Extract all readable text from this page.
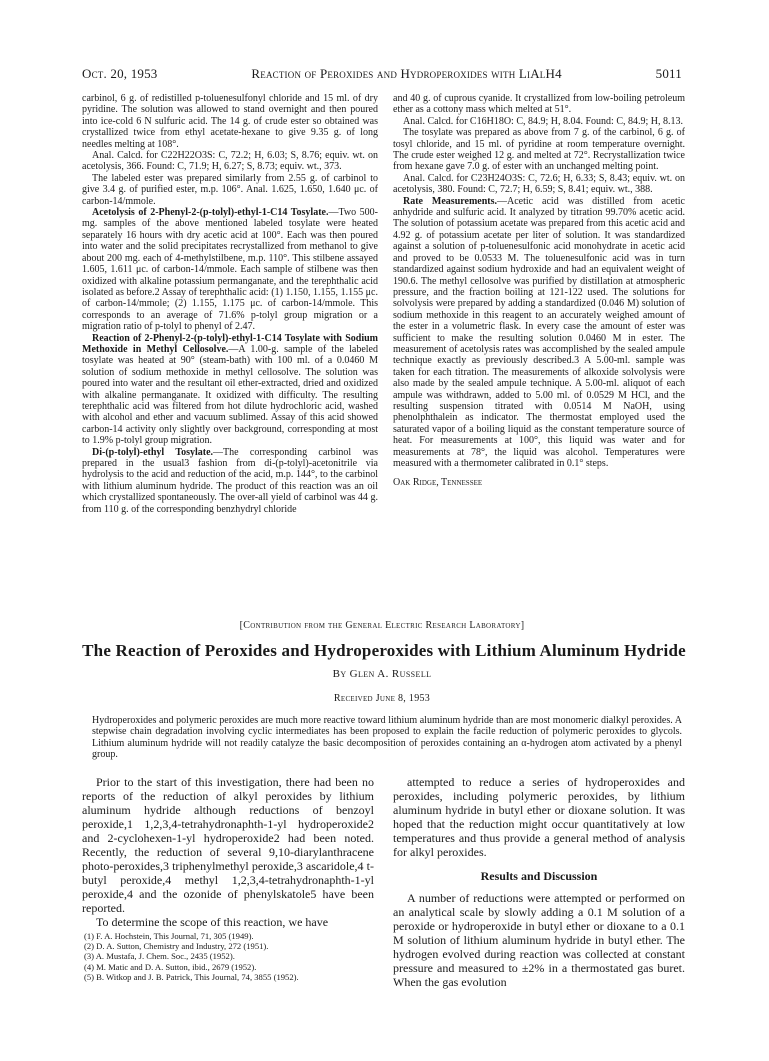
Oct. 20, 1953	Reaction of Peroxides and Hydroperoxides with LiAlH4	5011

carbinol, 6 g. of redistilled p-toluenesulfonyl chloride and 15 ml. of dry pyridine. The solution was allowed to stand overnight and then poured into ice-cold 6 N sulfuric acid. The 14 g. of crude ester so obtained was crystallized twice from ethyl acetate-hexane to give 9.35 g. of long needles melting at 108°.

Anal. Calcd. for C22H22O3S: C, 72.2; H, 6.03; S, 8.76; equiv. wt. on acetolysis, 366. Found: C, 71.9; H, 6.27; S, 8.73; equiv. wt., 373.

The labeled ester was prepared similarly from 2.55 g. of carbinol to give 3.4 g. of purified ester, m.p. 106°. Anal. 1.625, 1.650, 1.640 μc. of carbon-14/mmole.

Acetolysis of 2-Phenyl-2-(p-tolyl)-ethyl-1-C14 Tosylate.—Two 500-mg. samples of the above mentioned labeled tosylate were heated separately 16 hours with dry acetic acid at 100°. Each was then poured into water and the solid precipitates recrystallized from methanol to give about 200 mg. each of 4-methylstilbene, m.p. 110°. This stilbene assayed 1.605, 1.611 μc. of carbon-14/mmole. Each sample of stilbene was then oxidized with alkaline potassium permanganate, and the terephthalic acid isolated as before.2 Assay of terephthalic acid: (1) 1.150, 1.155, 1.155 μc. of carbon-14/mmole; (2) 1.155, 1.175 μc. of carbon-14/mmole. This corresponds to an average of 71.6% p-tolyl group migration or a migration ratio of p-tolyl to phenyl of 2.47.

Reaction of 2-Phenyl-2-(p-tolyl)-ethyl-1-C14 Tosylate with Sodium Methoxide in Methyl Cellosolve.—A 1.00-g. sample of the labeled tosylate was heated at 90° (steam-bath) with 100 ml. of a 0.0460 M solution of sodium methoxide in methyl cellosolve. The solution was poured into water and the resultant oil ether-extracted, dried and oxidized with alkaline permanganate. It oxidized with difficulty. The resulting terephthalic acid was filtered from hot dilute hydrochloric acid, washed with alcohol and ether and vacuum sublimed. Assay of this acid showed carbon-14 activity only slightly over background, corresponding at most to 1.9% p-tolyl group migration.

Di-(p-tolyl)-ethyl Tosylate.—The corresponding carbinol was prepared in the usual3 fashion from di-(p-tolyl)-acetonitrile via hydrolysis to the acid and reduction of the acid, m.p. 144°, to the carbinol with lithium aluminum hydride. The product of this reaction was an oil which crystallized spontaneously. The over-all yield of carbinol was 44 g. from 110 g. of the corresponding benzhydryl chloride

and 40 g. of cuprous cyanide. It crystallized from low-boiling petroleum ether as a cottony mass which melted at 51°.

Anal. Calcd. for C16H18O: C, 84.9; H, 8.04. Found: C, 84.9; H, 8.13.

The tosylate was prepared as above from 7 g. of the carbinol, 6 g. of tosyl chloride, and 15 ml. of pyridine at room temperature overnight. The crude ester weighed 12 g. and melted at 72°. Recrystallization twice from hexane gave 7.0 g. of ester with an unchanged melting point.

Anal. Calcd. for C23H24O3S: C, 72.6; H, 6.33; S, 8.43; equiv. wt. on acetolysis, 380. Found: C, 72.7; H, 6.59; S, 8.41; equiv. wt., 388.

Rate Measurements.—Acetic acid was distilled from acetic anhydride and sulfuric acid. It analyzed by titration 99.70% acetic acid. The solution of potassium acetate was prepared from this acetic acid and 4.92 g. of potassium acetate per liter of solution. It was standardized against a solution of p-toluenesulfonic acid monohydrate in acetic acid and proved to be 0.0533 M. The toluenesulfonic acid was in turn standardized against sodium hydroxide and had an equivalent weight of 190.6. The methyl cellosolve was purified by distillation at atmospheric pressure, and the fraction boiling at 121-122 used. The solutions for solvolysis were prepared by adding a standardized (0.046 M) solution of sodium methoxide in this reagent to an accurately weighed amount of the ester in a volumetric flask. In every case the amount of ester was sufficient to make the resulting solution 0.0460 M in ester. The measurement of acetolysis rates was accomplished by the sealed ampule technique exactly as previously described.3 A 5.00-ml. sample was taken for each titration. The measurements of alkoxide solvolysis were also made by the sealed ampule technique. A 5.00-ml. aliquot of each ampule was withdrawn, added to 5.00 ml. of 0.0529 M HCl, and the resulting suspension titrated with 0.0514 M NaOH, using phenolphthalein as indicator. The thermostat employed used the saturated vapor of a boiling liquid as the constant temperature source of heat. For measurements at 100°, this liquid was water and for measurements at 78°, the liquid was alcohol. Temperatures were measured with a thermometer calibrated in 0.1° steps.

Oak Ridge, Tennessee
[Contribution from the General Electric Research Laboratory]
The Reaction of Peroxides and Hydroperoxides with Lithium Aluminum Hydride
By Glen A. Russell
Received June 8, 1953
Hydroperoxides and polymeric peroxides are much more reactive toward lithium aluminum hydride than are most monomeric dialkyl peroxides. A stepwise chain degradation involving cyclic intermediates has been proposed to explain the facile reduction of polymeric peroxides to glycols. Lithium aluminum hydride will not readily catalyze the basic decomposition of peroxides containing an α-hydrogen atom activated by a phenyl group.

Prior to the start of this investigation, there had been no reports of the reduction of alkyl peroxides by lithium aluminum hydride although reductions of benzoyl peroxide,1 1,2,3,4-tetrahydronaphth-1-yl hydroperoxide2 and 2-cyclohexen-1-yl hydroperoxide2 had been noted. Recently, the reduction of several 9,10-diarylanthracene photo-peroxides,3 triphenylmethyl peroxide,3 ascaridole,4 t-butyl peroxide,4 methyl 1,2,3,4-tetrahydronaphth-1-yl peroxide,4 and the ozonide of phenylskatole5 have been reported.

To determine the scope of this reaction, we have

(1) F. A. Hochstein, This Journal, 71, 305 (1949).
(2) D. A. Sutton, Chemistry and Industry, 272 (1951).
(3) A. Mustafa, J. Chem. Soc., 2435 (1952).
(4) M. Matic and D. A. Sutton, ibid., 2679 (1952).
(5) B. Witkop and J. B. Patrick, This Journal, 74, 3855 (1952).

attempted to reduce a series of hydroperoxides and peroxides, including polymeric peroxides, by lithium aluminum hydride in butyl ether or dioxane solution. It was hoped that the reduction might occur quantitatively at low temperatures and thus provide a general method of analysis for alkyl peroxides.

Results and Discussion

A number of reductions were attempted or performed on an analytical scale by slowly adding a 0.1 M solution of a peroxide or hydroperoxide in butyl ether or dioxane to a 0.1 M solution of lithium aluminum hydride in butyl ether. The hydrogen evolved during reaction was collected at constant pressure and measured to ±2% in a thermostated gas buret. When the gas evolution
